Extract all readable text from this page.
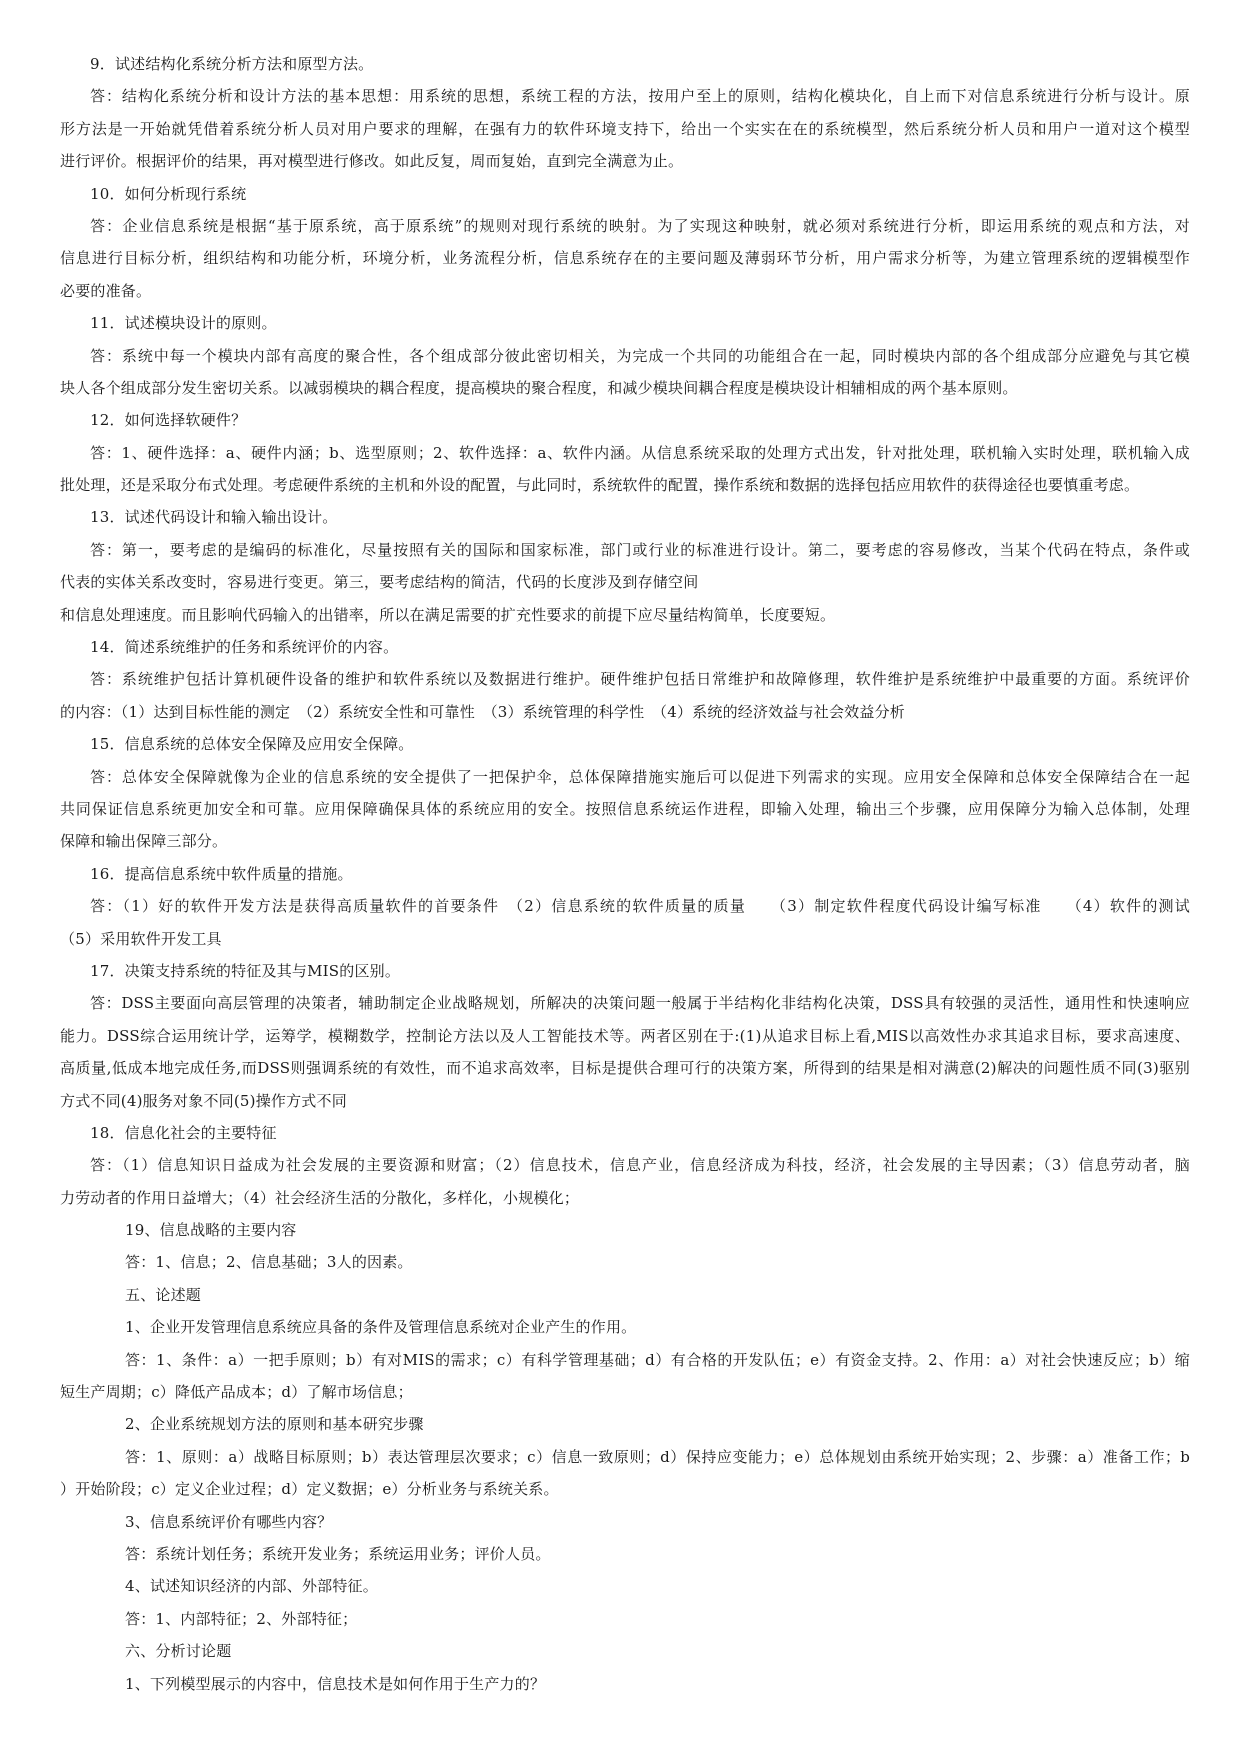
9．试述结构化系统分析方法和原型方法。
答：结构化系统分析和设计方法的基本思想：用系统的思想，系统工程的方法，按用户至上的原则，结构化模块化，自上而下对信息系统进行分析与设计。原
形方法是一开始就凭借着系统分析人员对用户要求的理解，在强有力的软件环境支持下，给出一个实实在在的系统模型，然后系统分析人员和用户一道对这个模型
进行评价。根据评价的结果，再对模型进行修改。如此反复，周而复始，直到完全满意为止。
10．如何分析现行系统
答：企业信息系统是根据“基于原系统，高于原系统”的规则对现行系统的映射。为了实现这种映射，就必须对系统进行分析，即运用系统的观点和方法，对
信息进行目标分析，组织结构和功能分析，环境分析，业务流程分析，信息系统存在的主要问题及薄弱环节分析，用户需求分析等，为建立管理系统的逻辑模型作
必要的准备。
11．试述模块设计的原则。
答：系统中每一个模块内部有高度的聚合性，各个组成部分彼此密切相关，为完成一个共同的功能组合在一起，同时模块内部的各个组成部分应避免与其它模
块人各个组成部分发生密切关系。以减弱模块的耦合程度，提高模块的聚合程度，和减少模块间耦合程度是模块设计相辅相成的两个基本原则。
12．如何选择软硬件？
答：1、硬件选择：a、硬件内涵；b、选型原则；2、软件选择：a、软件内涵。从信息系统采取的处理方式出发，针对批处理，联机输入实时处理，联机输入成
批处理，还是采取分布式处理。考虑硬件系统的主机和外设的配置，与此同时，系统软件的配置，操作系统和数据的选择包括应用软件的获得途径也要慎重考虑。
13．试述代码设计和输入输出设计。
答：第一，要考虑的是编码的标准化，尽量按照有关的国际和国家标准，部门或行业的标准进行设计。第二，要考虑的容易修改，当某个代码在特点，条件或
代表的实体关系改变时，容易进行变更。第三，要考虑结构的简洁，代码的长度涉及到存储空间
和信息处理速度。而且影响代码输入的出错率，所以在满足需要的扩充性要求的前提下应尽量结构简单，长度要短。
14．简述系统维护的任务和系统评价的内容。
答：系统维护包括计算机硬件设备的维护和软件系统以及数据进行维护。硬件维护包括日常维护和故障修理，软件维护是系统维护中最重要的方面。系统评价
的内容：（1）达到目标性能的测定　（2）系统安全性和可靠性　（3）系统管理的科学性　（4）系统的经济效益与社会效益分析
15．信息系统的总体安全保障及应用安全保障。
答：总体安全保障就像为企业的信息系统的安全提供了一把保护伞，总体保障措施实施后可以促进下列需求的实现。应用安全保障和总体安全保障结合在一起
共同保证信息系统更加安全和可靠。应用保障确保具体的系统应用的安全。按照信息系统运作进程，即输入处理，输出三个步骤，应用保障分为输入总体制，处理
保障和输出保障三部分。
16．提高信息系统中软件质量的措施。
答：（1）好的软件开发方法是获得高质量软件的首要条件　（2）信息系统的软件质量的质量　　（3）制定软件程度代码设计编写标准　　（4）软件的测试
（5）采用软件开发工具
17．决策支持系统的特征及其与MIS的区别。
答：DSS主要面向高层管理的决策者，辅助制定企业战略规划，所解决的决策问题一般属于半结构化非结构化决策，DSS具有较强的灵活性，通用性和快速响应
能力。DSS综合运用统计学，运筹学，模糊数学，控制论方法以及人工智能技术等。两者区别在于:(1)从追求目标上看,MIS以高效性办求其追求目标，要求高速度、
高质量,低成本地完成任务,而DSS则强调系统的有效性，而不追求高效率，目标是提供合理可行的决策方案，所得到的结果是相对满意(2)解决的问题性质不同(3)驱别
方式不同(4)服务对象不同(5)操作方式不同
18．信息化社会的主要特征
答：（1）信息知识日益成为社会发展的主要资源和财富；（2）信息技术，信息产业，信息经济成为科技，经济，社会发展的主导因素；（3）信息劳动者，脑
力劳动者的作用日益增大；（4）社会经济生活的分散化，多样化，小规模化；
19、信息战略的主要内容
答：1、信息；2、信息基础；3人的因素。
五、论述题
1、企业开发管理信息系统应具备的条件及管理信息系统对企业产生的作用。
答：1、条件：a）一把手原则；b）有对MIS的需求；c）有科学管理基础；d）有合格的开发队伍；e）有资金支持。2、作用：a）对社会快速反应；b）缩
短生产周期；c）降低产品成本；d）了解市场信息；
2、企业系统规划方法的原则和基本研究步骤
答：1、原则：a）战略目标原则；b）表达管理层次要求；c）信息一致原则；d）保持应变能力；e）总体规划由系统开始实现；2、步骤：a）准备工作；b
）开始阶段；c）定义企业过程；d）定义数据；e）分析业务与系统关系。
3、信息系统评价有哪些内容？
答：系统计划任务；系统开发业务；系统运用业务；评价人员。
4、试述知识经济的内部、外部特征。
答：1、内部特征；2、外部特征；
六、分析讨论题
1、下列模型展示的内容中，信息技术是如何作用于生产力的？
